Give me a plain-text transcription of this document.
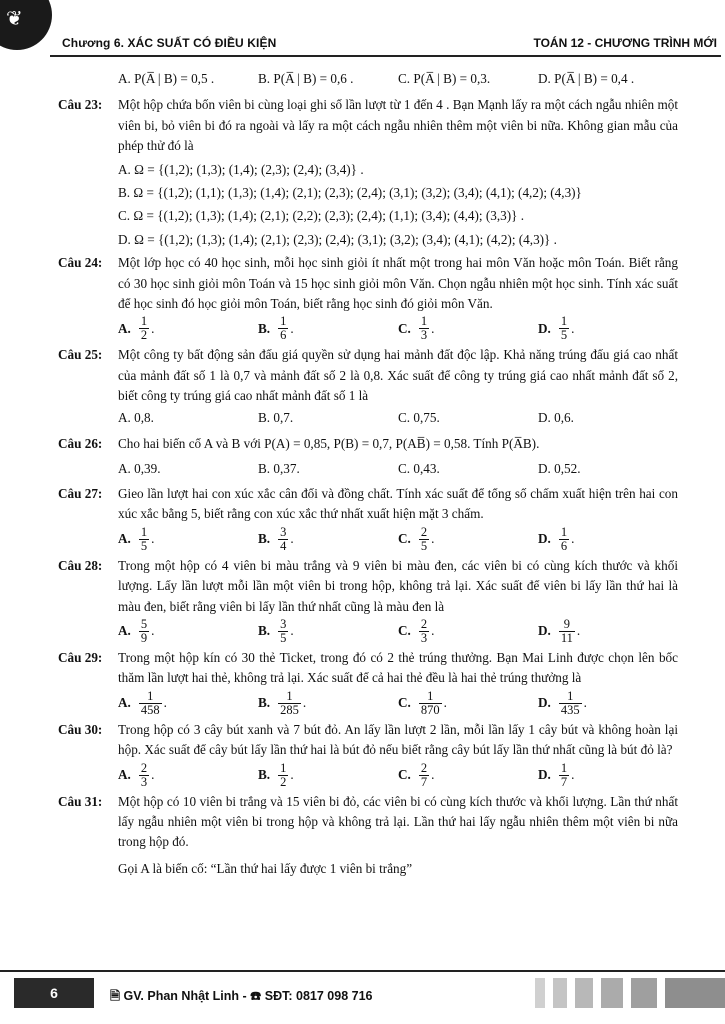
❦
Chương 6. XÁC SUẤT CÓ ĐIỀU KIỆN	TOÁN 12 - CHƯƠNG TRÌNH MỚI
A. P(A̅ | B) = 0,5 .	B. P(A̅ | B) = 0,6 .	C. P(A̅ | B) = 0,3.	D. P(A̅ | B) = 0,4 .
Câu 23: Một hộp chứa bốn viên bi cùng loại ghi số lần lượt từ 1 đến 4 . Bạn Mạnh lấy ra một cách ngẫu nhiên một viên bi, bỏ viên bi đó ra ngoài và lấy ra một cách ngẫu nhiên thêm một viên bi nữa. Không gian mẫu của phép thử đó là
A. Ω = {(1,2); (1,3); (1,4); (2,3); (2,4); (3,4)} .
B. Ω = {(1,2); (1,1); (1,3); (1,4); (2,1); (2,3); (2,4); (3,1); (3,2); (3,4); (4,1); (4,2); (4,3)}
C. Ω = {(1,2); (1,3); (1,4); (2,1); (2,2); (2,3); (2,4); (1,1); (3,4); (4,4); (3,3)} .
D. Ω = {(1,2); (1,3); (1,4); (2,1); (2,3); (2,4); (3,1); (3,2); (3,4); (4,1); (4,2); (4,3)} .
Câu 24: Một lớp học có 40 học sinh, mỗi học sinh giỏi ít nhất một trong hai môn Văn hoặc môn Toán. Biết rằng có 30 học sinh giỏi môn Toán và 15 học sinh giỏi môn Văn. Chọn ngẫu nhiên một học sinh. Tính xác suất để học sinh đó học giỏi môn Toán, biết rằng học sinh đó giỏi môn Văn.
A. $\frac{1}{2}$ .	B. $\frac{1}{6}$ .	C. $\frac{1}{3}$ .	D. $\frac{1}{5}$ .
Câu 25: Một công ty bất động sản đấu giá quyền sử dụng hai mảnh đất độc lập. Khả năng trúng đấu giá cao nhất của mảnh đất số 1 là 0,7 và mảnh đất số 2 là 0,8. Xác suất để công ty trúng giá cao nhất mảnh đất số 2, biết công ty trúng giá cao nhất mảnh đất số 1 là
A. 0,8.	B. 0,7.	C. 0,75.	D. 0,6.
Câu 26: Cho hai biến cố A và B với P(A) = 0,85, P(B) = 0,7, P(AB̅) = 0,58. Tính P(A̅B).
A. 0,39.	B. 0,37.	C. 0,43.	D. 0,52.
Câu 27: Gieo lần lượt hai con xúc xắc cân đối và đồng chất. Tính xác suất để tổng số chấm xuất hiện trên hai con xúc xắc bằng 5, biết rằng con xúc xắc thứ nhất xuất hiện mặt 3 chấm.
A. $\frac{1}{5}$ .	B. $\frac{3}{4}$ .	C. $\frac{2}{5}$ .	D. $\frac{1}{6}$ .
Câu 28: Trong một hộp có 4 viên bi màu trắng và 9 viên bi màu đen, các viên bi có cùng kích thước và khối lượng. Lấy lần lượt mỗi lần một viên bi trong hộp, không trả lại. Xác suất để viên bi lấy lần thứ hai là màu đen, biết rằng viên bi lấy lần thứ nhất cũng là màu đen là
A. $\frac{5}{9}$ .	B. $\frac{3}{5}$ .	C. $\frac{2}{3}$ .	D. $\frac{9}{11}$ .
Câu 29: Trong một hộp kín có 30 thẻ Ticket, trong đó có 2 thẻ trúng thưởng. Bạn Mai Linh được chọn lên bốc thăm lần lượt hai thẻ, không trả lại. Xác suất để cả hai thẻ đều là hai thẻ trúng thưởng là
A. $\frac{1}{458}$ .	B. $\frac{1}{285}$ .	C. $\frac{1}{870}$ .	D. $\frac{1}{435}$ .
Câu 30: Trong hộp có 3 cây bút xanh và 7 bút đỏ. An lấy lần lượt 2 lần, mỗi lần lấy 1 cây bút và không hoàn lại hộp. Xác suất để cây bút lấy lần thứ hai là bút đỏ nếu biết rằng cây bút lấy lần thứ nhất cũng là bút đỏ là?
A. $\frac{2}{3}$ .	B. $\frac{1}{2}$ .	C. $\frac{2}{7}$ .	D. $\frac{1}{7}$ .
Câu 31: Một hộp có 10 viên bi trắng và 15 viên bi đỏ, các viên bi có cùng kích thước và khối lượng. Lần thứ nhất lấy ngẫu nhiên một viên bi trong hộp và không trả lại. Lần thứ hai lấy ngẫu nhiên thêm một viên bi nữa trong hộp đó.
Gọi A là biến cố: “Lần thứ hai lấy được 1 viên bi trắng”
6	🗎 GV. Phan Nhật Linh - ☎ SĐT: 0817 098 716
